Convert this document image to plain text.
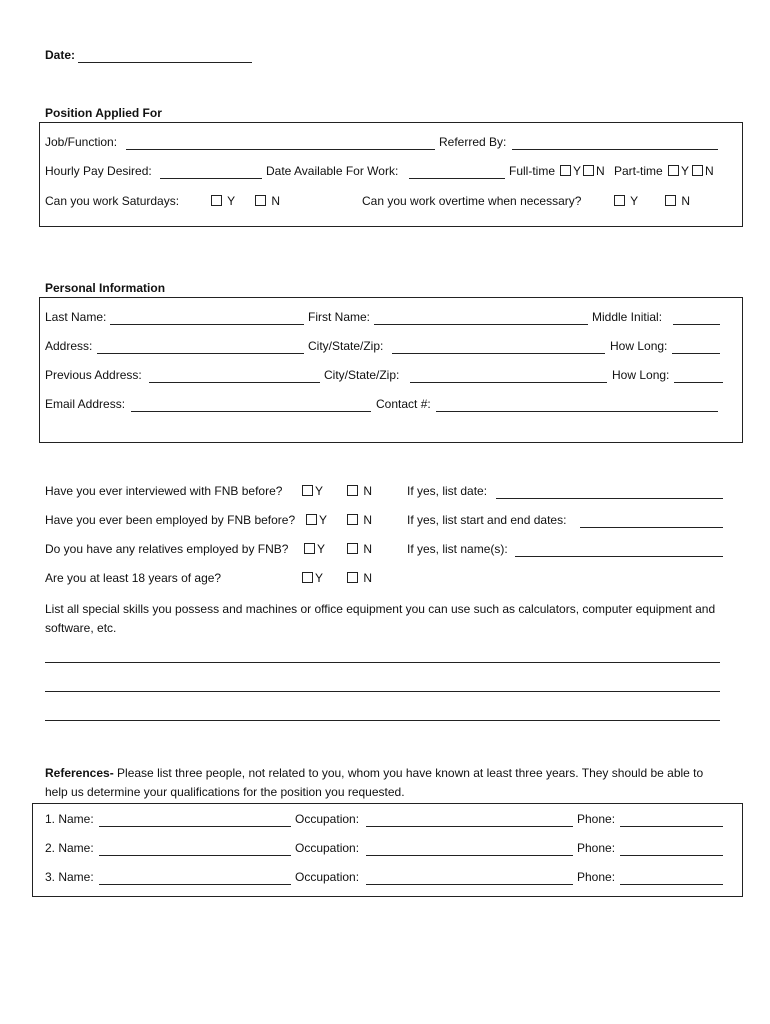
Date:
Position Applied For
Job/Function:	Referred By:
Hourly Pay Desired:	Date Available For Work:	Full-time	Y	N Part-time	Y	N
Can you work Saturdays:	Y	N	Can you work overtime when necessary?	Y	N
Personal Information
Last Name:	First Name:	Middle Initial:
Address:	City/State/Zip:	How Long:
Previous Address:	City/State/Zip:	How Long:
Email Address:	Contact #:
Have you ever interviewed with FNB before?	Y	N	If yes, list date:
Have you ever been employed by FNB before?	Y	N	If yes, list start and end dates:
Do you have any relatives employed by FNB?	Y	N	If yes, list name(s):
Are you at least 18 years of age?	Y	N
List all special skills you possess and machines or office equipment you can use such as calculators, computer equipment and software, etc.
References- Please list three people, not related to you, whom you have known at least three years. They should be able to help us determine your qualifications for the position you requested.
1. Name:	Occupation:	Phone:
2. Name:	Occupation:	Phone:
3. Name:	Occupation:	Phone:
